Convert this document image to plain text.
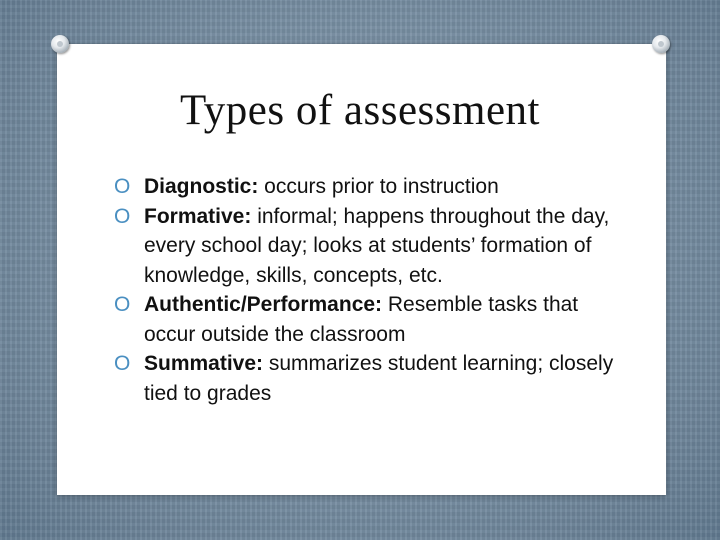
Types of assessment
O Diagnostic: occurs prior to instruction
O Formative: informal; happens throughout the day, every school day; looks at students’ formation of knowledge, skills, concepts, etc.
O Authentic/Performance: Resemble tasks that occur outside the classroom
O Summative: summarizes student learning; closely tied to grades
